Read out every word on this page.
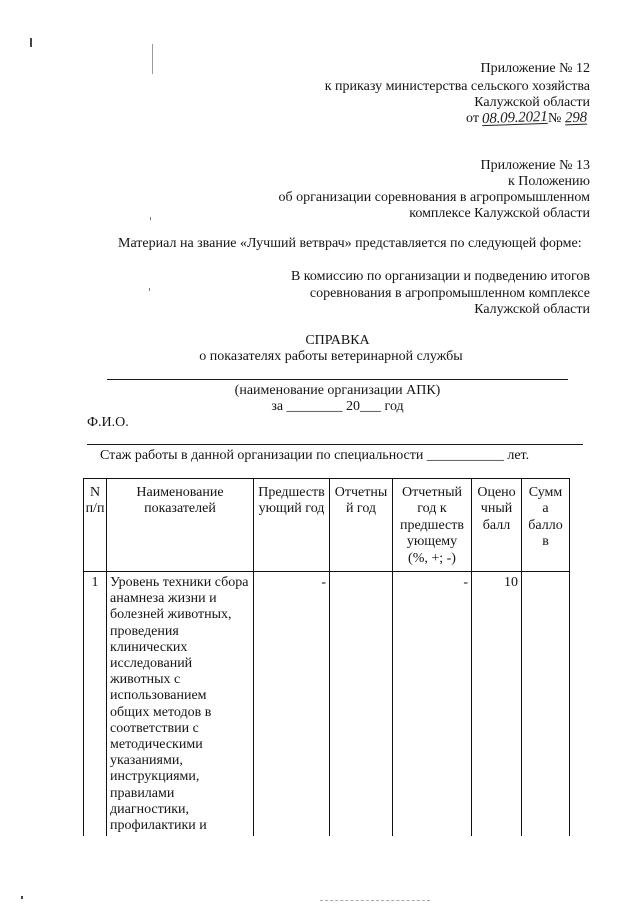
Приложение № 12
к приказу министерства сельского хозяйства
Калужской области
от 08.09.2021№ 298
Приложение № 13
к Положению
об организации соревнования в агропромышленном
комплексе Калужской области
Материал на звание «Лучший ветврач» представляется по следующей форме:
В комиссию по организации и подведению итогов
соревнования в агропромышленном комплексе
Калужской области
СПРАВКА
о показателях работы ветеринарной службы
(наименование организации АПК)
за ________ 20___ год
Ф.И.О.
Стаж работы в данной организации по специальности ___________ лет.
N
п/п
Наименование
показателей
Предшеств
ующий год
Отчетны
й год
Отчетный
год к
предшеств
ующему
(%, +; -)
Оцено
чный
балл
Сумм
а
балло
в
1 Уровень техники сбора
анамнеза жизни и
болезней животных,
проведения
клинических
исследований
животных с
использованием
общих методов в
соответствии с
методическими
указаниями,
инструкциями,
правилами
диагностики,
профилактики и
-	-	10
